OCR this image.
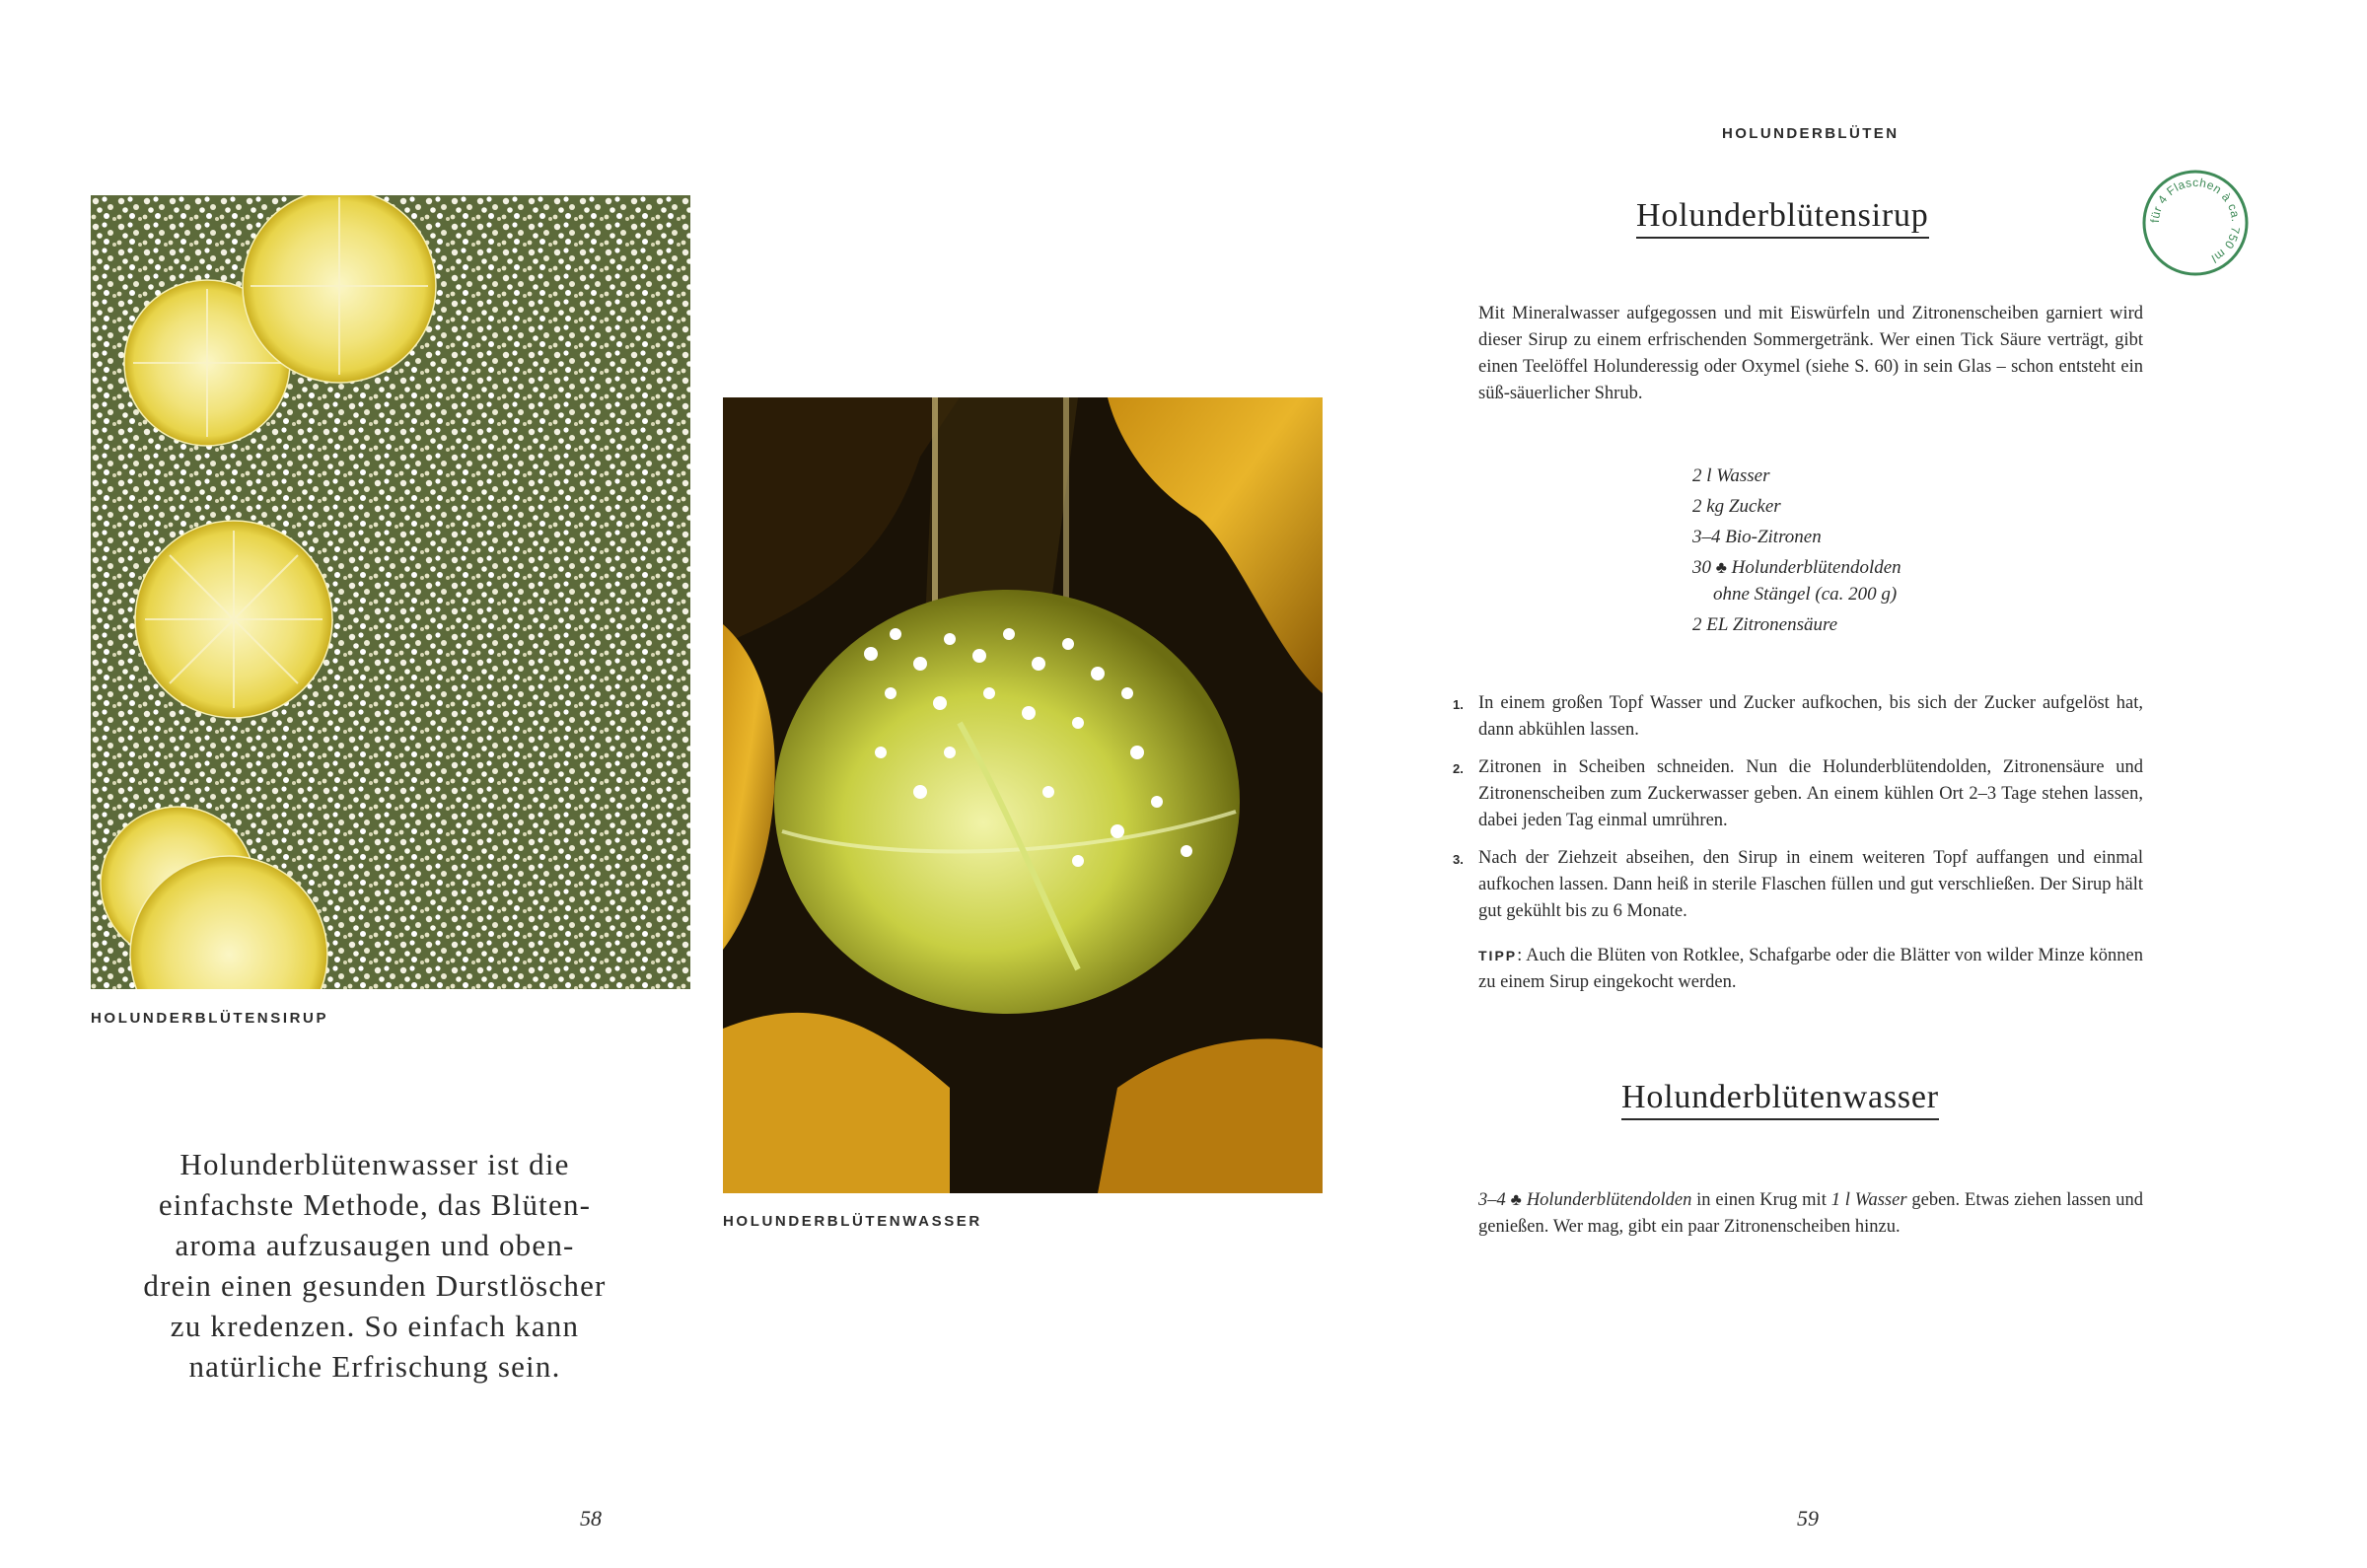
HOLUNDERBLÜTENSIRUP
HOLUNDERBLÜTENWASSER
Holunderblütenwasser ist die
einfachste Methode, das Blüten-
aroma aufzusaugen und oben-
drein einen gesunden Durstlöscher
zu kredenzen. So einfach kann
natürliche Erfrischung sein.
58
HOLUNDERBLÜTEN
Holunderblütensirup	für 4 Flaschen à ca. 750 ml
Mit Mineralwasser aufgegossen und mit Eiswürfeln und Zitronenscheiben garniert wird dieser Sirup zu einem erfrischenden Sommergetränk. Wer einen Tick Säure verträgt, gibt einen Teelöffel Holunderessig oder Oxymel (siehe S. 60) in sein Glas – schon entsteht ein süß-säuerlicher Shrub.
2 l Wasser
2 kg Zucker
3–4 Bio-Zitronen
30 ♣ Holunderblütendolden
ohne Stängel (ca. 200 g)
2 EL Zitronensäure
1. In einem großen Topf Wasser und Zucker aufkochen, bis sich der Zucker aufgelöst hat, dann abkühlen lassen.
2. Zitronen in Scheiben schneiden. Nun die Holunderblütendolden, Zitronensäure und Zitronenscheiben zum Zuckerwasser geben. An einem kühlen Ort 2–3 Tage stehen lassen, dabei jeden Tag einmal umrühren.
3. Nach der Ziehzeit abseihen, den Sirup in einem weiteren Topf auffangen und einmal aufkochen lassen. Dann heiß in sterile Flaschen füllen und gut verschließen. Der Sirup hält gut gekühlt bis zu 6 Monate.
TIPP: Auch die Blüten von Rotklee, Schafgarbe oder die Blätter von wilder Minze können zu einem Sirup eingekocht werden.
Holunderblütenwasser
3–4 ♣ Holunderblütendolden in einen Krug mit 1 l Wasser geben. Etwas ziehen lassen und genießen. Wer mag, gibt ein paar Zitronenscheiben hinzu.
59
